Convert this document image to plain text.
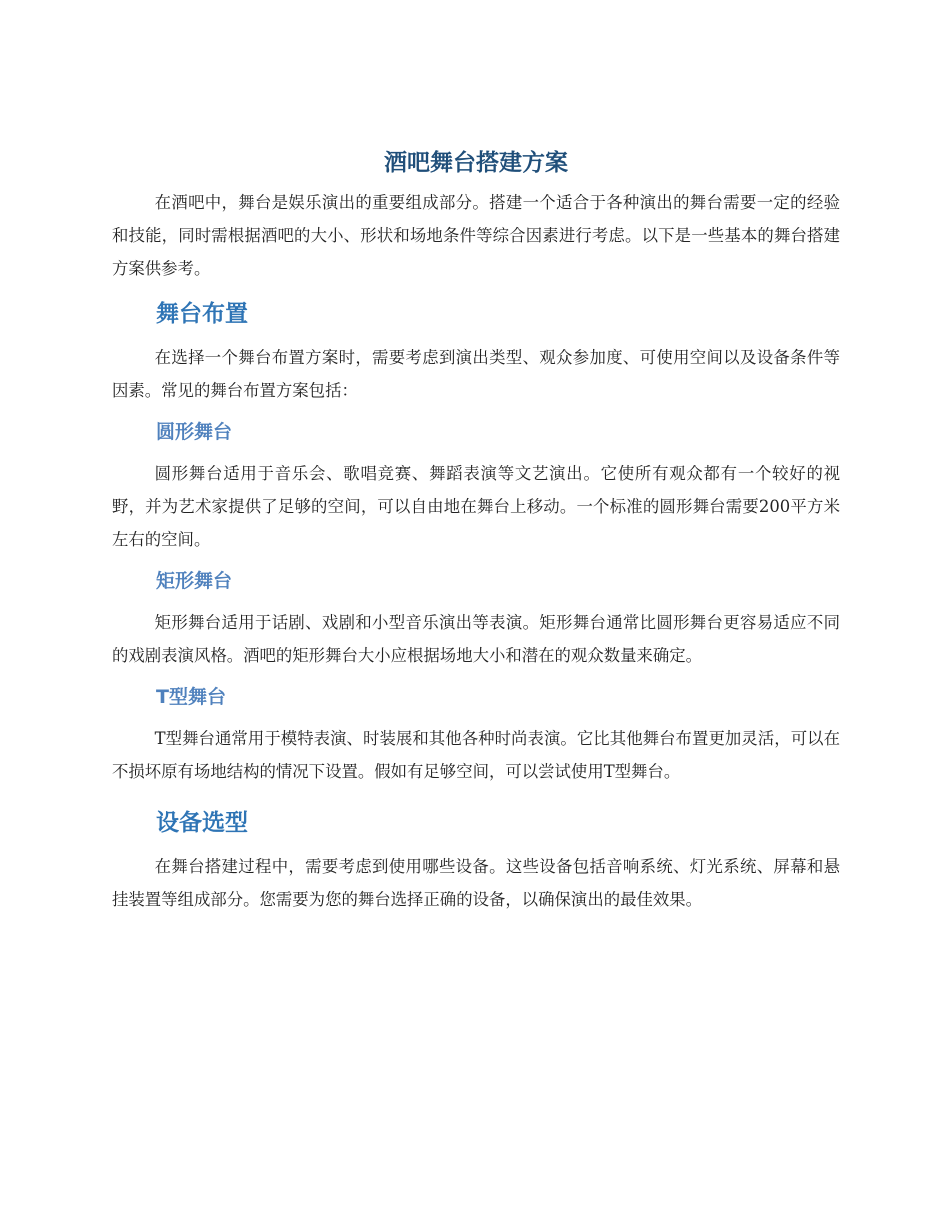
酒吧舞台搭建方案

在酒吧中，舞台是娱乐演出的重要组成部分。搭建一个适合于各种演出的舞台需要一定的经验和技能，同时需根据酒吧的大小、形状和场地条件等综合因素进行考虑。以下是一些基本的舞台搭建方案供参考。

舞台布置

在选择一个舞台布置方案时，需要考虑到演出类型、观众参加度、可使用空间以及设备条件等因素。常见的舞台布置方案包括：

圆形舞台

圆形舞台适用于音乐会、歌唱竞赛、舞蹈表演等文艺演出。它使所有观众都有一个较好的视野，并为艺术家提供了足够的空间，可以自由地在舞台上移动。一个标准的圆形舞台需要200平方米左右的空间。

矩形舞台

矩形舞台适用于话剧、戏剧和小型音乐演出等表演。矩形舞台通常比圆形舞台更容易适应不同的戏剧表演风格。酒吧的矩形舞台大小应根据场地大小和潜在的观众数量来确定。

T型舞台

T型舞台通常用于模特表演、时装展和其他各种时尚表演。它比其他舞台布置更加灵活，可以在不损坏原有场地结构的情况下设置。假如有足够空间，可以尝试使用T型舞台。

设备选型

在舞台搭建过程中，需要考虑到使用哪些设备。这些设备包括音响系统、灯光系统、屏幕和悬挂装置等组成部分。您需要为您的舞台选择正确的设备，以确保演出的最佳效果。
